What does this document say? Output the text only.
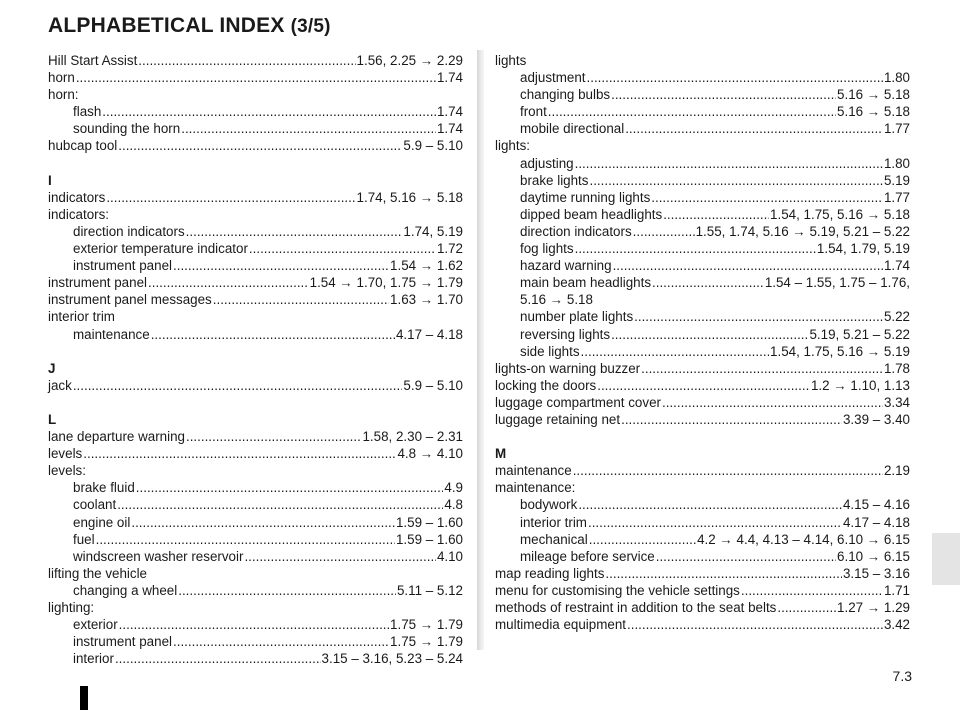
ALPHABETICAL INDEX (3/5)
Hill Start Assist .....	1.56, 2.25 → 2.29
horn .....	1.74
horn:
flash .....	1.74
sounding the horn .....	1.74
hubcap tool .....	5.9 – 5.10
I
indicators .....	1.74, 5.16 → 5.18
indicators:
direction indicators .....	1.74, 5.19
exterior temperature indicator .....	1.72
instrument panel .....	1.54 → 1.62
instrument panel .....	1.54 → 1.70, 1.75 → 1.79
instrument panel messages .....	1.63 → 1.70
interior trim
maintenance .....	4.17 – 4.18
J
jack .....	5.9 – 5.10
L
lane departure warning .....	1.58, 2.30 – 2.31
levels .....	4.8 → 4.10
levels:
brake fluid .....	4.9
coolant .....	4.8
engine oil .....	1.59 – 1.60
fuel .....	1.59 – 1.60
windscreen washer reservoir .....	4.10
lifting the vehicle
changing a wheel .....	5.11 – 5.12
lighting:
exterior .....	1.75 → 1.79
instrument panel .....	1.75 → 1.79
interior .....	3.15 – 3.16, 5.23 – 5.24
lights
adjustment .....	1.80
changing bulbs .....	5.16 → 5.18
front .....	5.16 → 5.18
mobile directional .....	1.77
lights:
adjusting .....	1.80
brake lights .....	5.19
daytime running lights .....	1.77
dipped beam headlights .....	1.54, 1.75, 5.16 → 5.18
direction indicators .....	1.55, 1.74, 5.16 → 5.19, 5.21 – 5.22
fog lights .....	1.54, 1.79, 5.19
hazard warning .....	1.74
main beam headlights .....	1.54 – 1.55, 1.75 – 1.76,
5.16 → 5.18
number plate lights .....	5.22
reversing lights .....	5.19, 5.21 – 5.22
side lights .....	1.54, 1.75, 5.16 → 5.19
lights-on warning buzzer .....	1.78
locking the doors .....	1.2 → 1.10, 1.13
luggage compartment cover .....	3.34
luggage retaining net .....	3.39 – 3.40
M
maintenance .....	2.19
maintenance:
bodywork .....	4.15 – 4.16
interior trim .....	4.17 – 4.18
mechanical .....	4.2 → 4.4, 4.13 – 4.14, 6.10 → 6.15
mileage before service .....	6.10 → 6.15
map reading lights .....	3.15 – 3.16
menu for customising the vehicle settings .....	1.71
methods of restraint in addition to the seat belts .....	1.27 → 1.29
multimedia equipment .....	3.42
7.3
